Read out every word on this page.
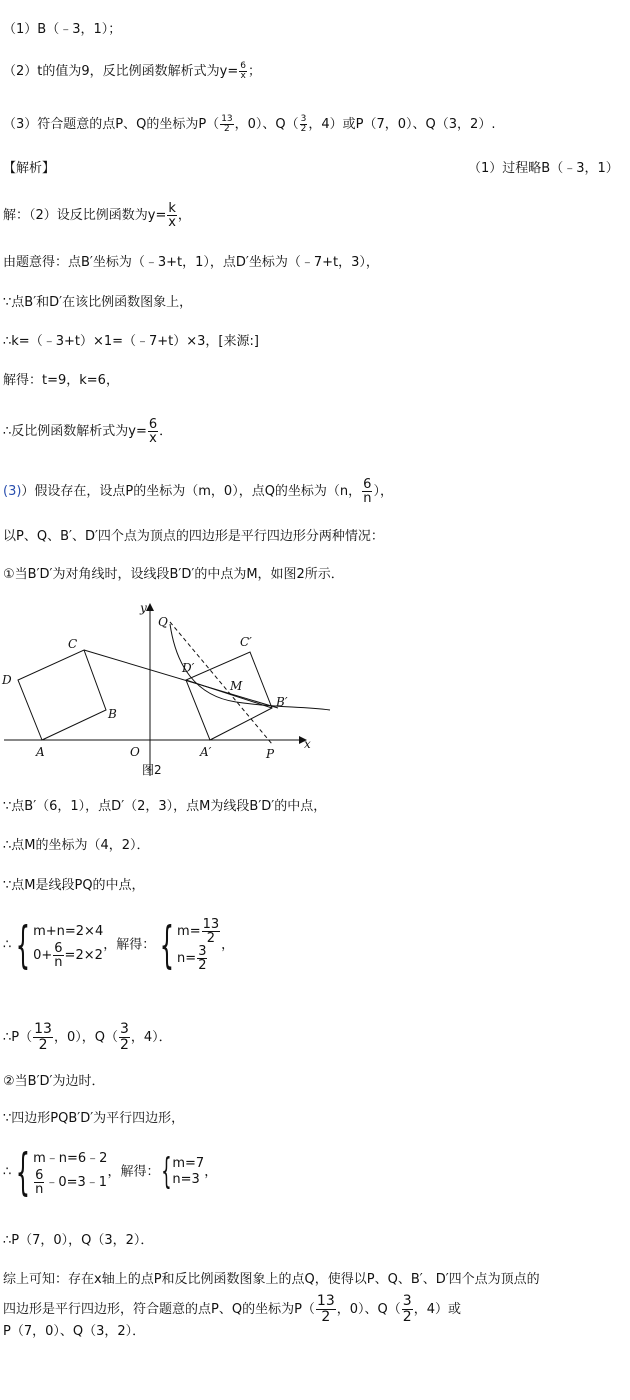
（1）B（﹣3，1）；
（2）t的值为9，反比例函数解析式为$y= \frac{6}{x}$ ；
（3）符合题意的点P、Q的坐标为$P( \frac{13}{2}$ ，0）、$Q( \frac{3}{2}$ ，4）或P（7，0）、Q（3，2）.
【解析】	（1）过程略B（﹣3，1）
解：（2）设反比例函数为$y= \frac{k}{x}$ ，
由题意得：点B′坐标为（﹣3+t，1），点D′坐标为（﹣7+t，3），
∵点B′和D′在该比例函数图象上，
∴k=（﹣3+t）×1=（﹣7+t）×3，[来源:]
解得：t=9，k=6，
∴反比例函数解析式为$y= \frac{6}{x}$ ．
(3)）假设存在，设点P的坐标为（m，0），点Q的坐标为（n， $\frac{6}{n}$ ），
以P、Q、B′、D′四个点为顶点的四边形是平行四边形分两种情况：
①当B′D′为对角线时，设线段B′D′的中点为M，如图2所示．
y
x
O
A
B
C
D
A′
B′
C′
D′
Q
P
M
图2
∵点B′（6，1），点D′（2，3），点M为线段B′D′的中点，
∴点M的坐标为（4，2）．
∵点M是线段PQ的中点，
∴{ m+n=2×4
$0+ \frac{6}{n} =2\times 2$
，解得：{ $m= \frac{13}{2}$
$n= \frac{3}{2}$ ，
∴P（ $\frac{13}{2}$ ，0），$Q( \frac{3}{2}$ ，4）．
②当B′D′为边时．
∵四边形PQB′D′为平行四边形，
∴{ m﹣n=6﹣2
$\frac{6}{n}$ ﹣0=3﹣1
，解得：{ m=7
n=3 ，
∴P（7，0），Q（3，2）．
综上可知：存在x轴上的点P和反比例函数图象上的点Q，使得以P、Q、B′、D′四个点为顶点的
四边形是平行四边形，符合题意的点P、Q的坐标为$P( \frac{13}{2}$ ，0）、$Q( \frac{3}{2}$ ，4）或
P（7，0）、Q（3，2）．
